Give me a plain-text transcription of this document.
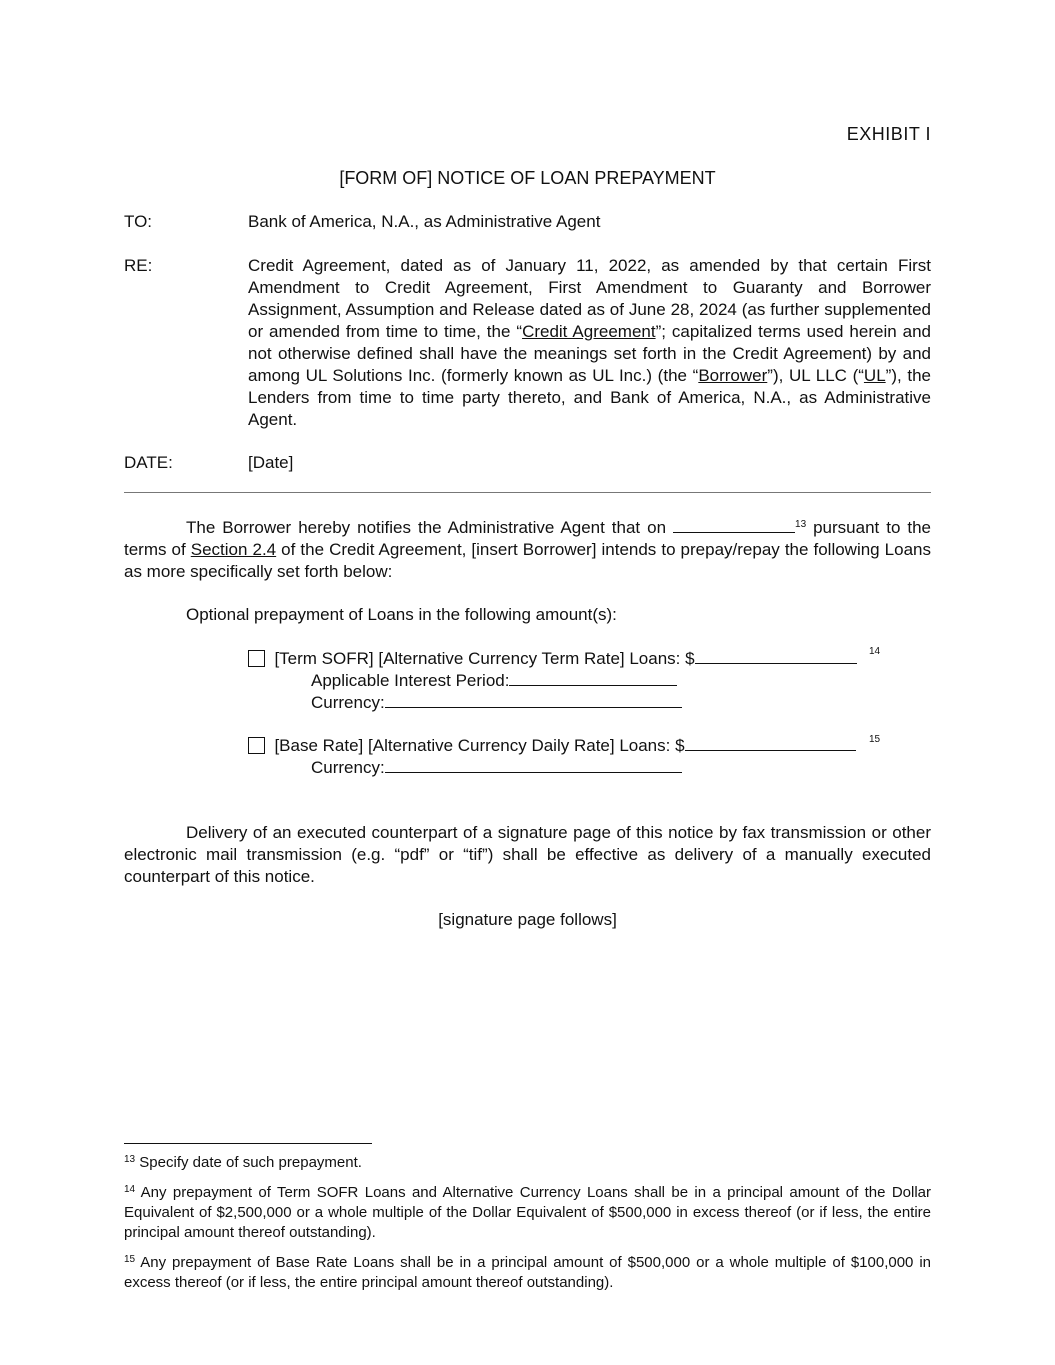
EXHIBIT I
[FORM OF] NOTICE OF LOAN PREPAYMENT
TO:	Bank of America, N.A., as Administrative Agent
RE:	Credit Agreement, dated as of January 11, 2022, as amended by that certain First Amendment to Credit Agreement, First Amendment to Guaranty and Borrower Assignment, Assumption and Release dated as of June 28, 2024 (as further supplemented or amended from time to time, the “Credit Agreement”; capitalized terms used herein and not otherwise defined shall have the meanings set forth in the Credit Agreement) by and among UL Solutions Inc. (formerly known as UL Inc.) (the “Borrower”), UL LLC (“UL”), the Lenders from time to time party thereto, and Bank of America, N.A., as Administrative Agent.
DATE:	[Date]
The Borrower hereby notifies the Administrative Agent that on	$^{13}$ pursuant to the terms of Section 2.4 of the Credit Agreement, [insert Borrower] intends to prepay/repay the following Loans as more specifically set forth below:
Optional prepayment of Loans in the following amount(s):
[Term SOFR] [Alternative Currency Term Rate] Loans: $	14
Applicable Interest Period:
Currency:
[Base Rate] [Alternative Currency Daily Rate] Loans: $	15
Currency:
Delivery of an executed counterpart of a signature page of this notice by fax transmission or other electronic mail transmission (e.g. “pdf” or “tif”) shall be effective as delivery of a manually executed counterpart of this notice.
[signature page follows]
$^{13}$ Specify date of such prepayment.
$^{14}$ Any prepayment of Term SOFR Loans and Alternative Currency Loans shall be in a principal amount of the Dollar Equivalent of $2,500,000 or a whole multiple of the Dollar Equivalent of $500,000 in excess thereof (or if less, the entire principal amount thereof outstanding).
$^{15}$ Any prepayment of Base Rate Loans shall be in a principal amount of $500,000 or a whole multiple of $100,000 in excess thereof (or if less, the entire principal amount thereof outstanding).
